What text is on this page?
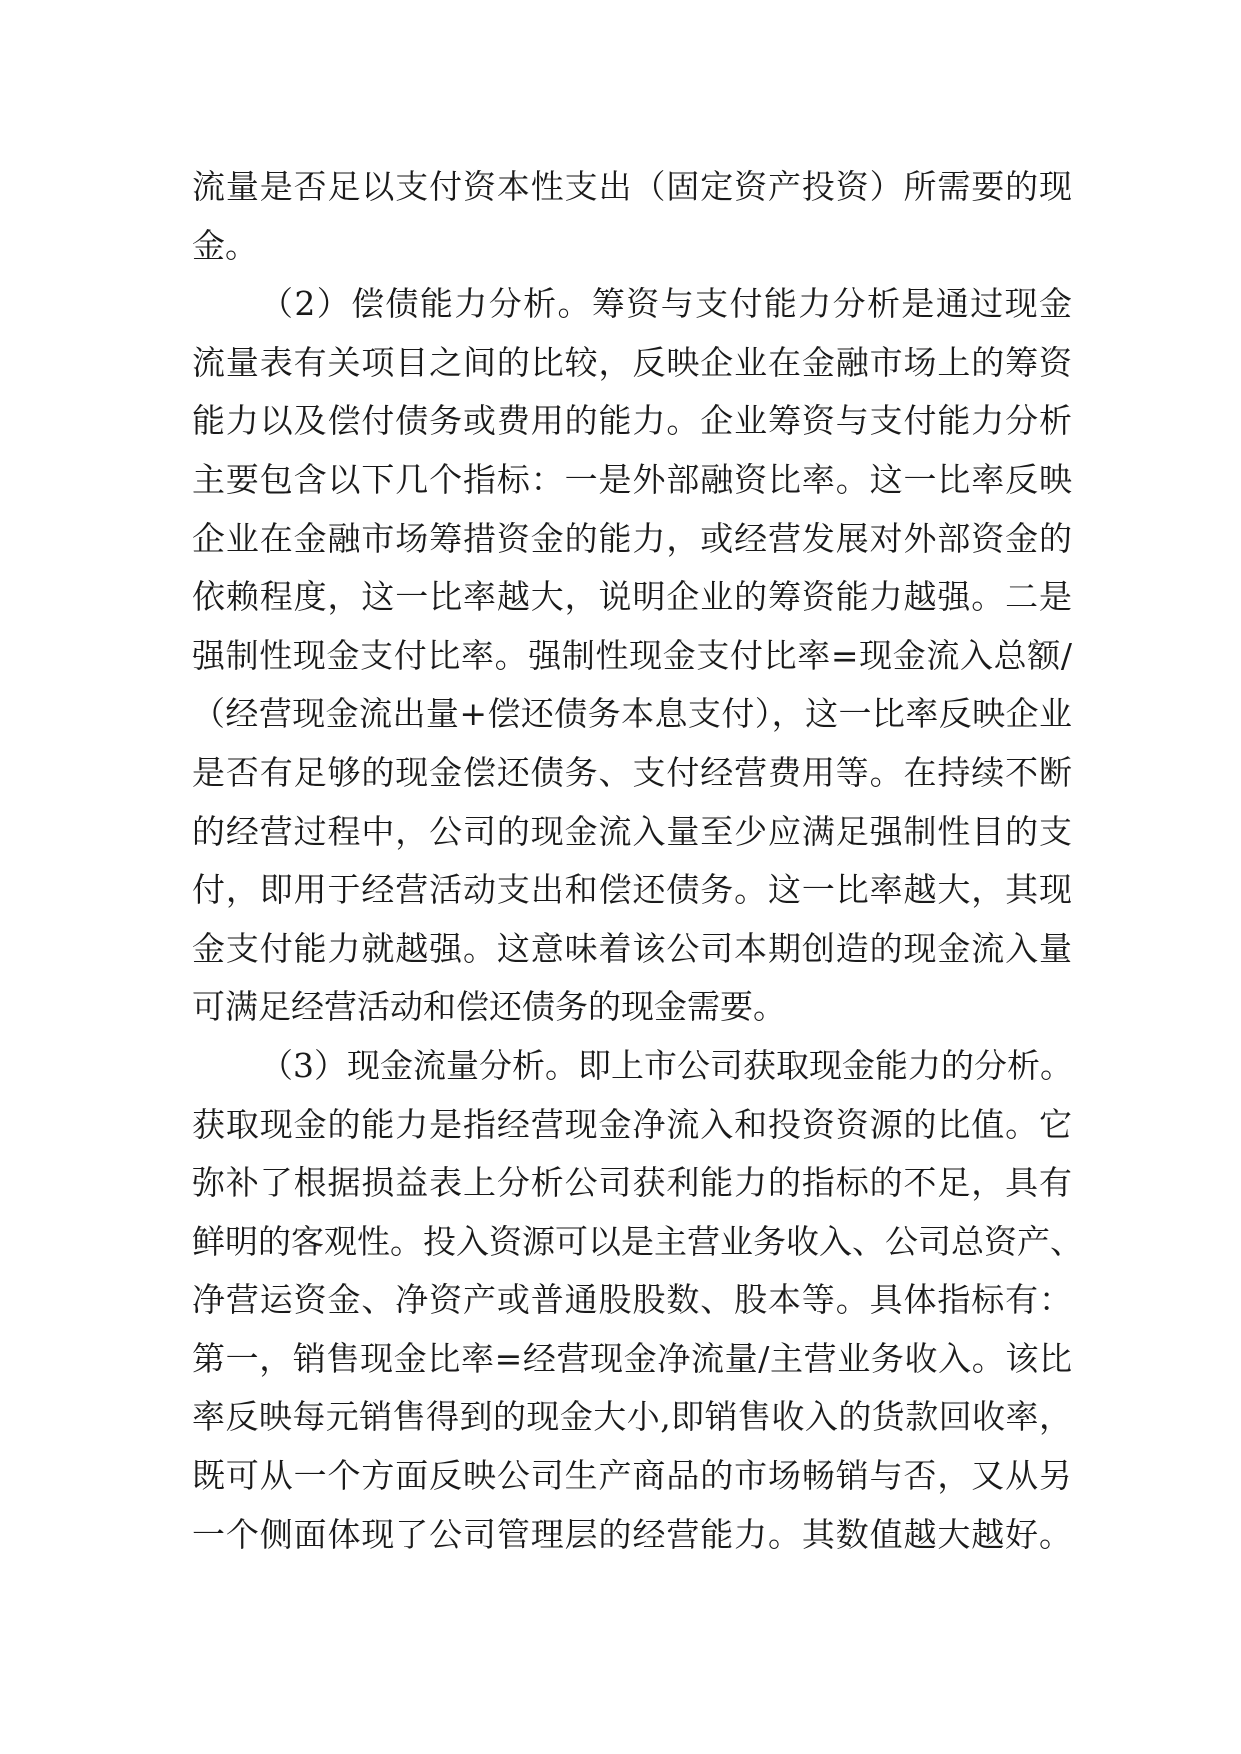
流量是否足以支付资本性支出（固定资产投资）所需要的现
金。
（2）偿债能力分析。筹资与支付能力分析是通过现金
流量表有关项目之间的比较，反映企业在金融市场上的筹资
能力以及偿付债务或费用的能力。企业筹资与支付能力分析
主要包含以下几个指标：一是外部融资比率。这一比率反映
企业在金融市场筹措资金的能力，或经营发展对外部资金的
依赖程度，这一比率越大，说明企业的筹资能力越强。二是
强制性现金支付比率。强制性现金支付比率=现金流入总额/
（经营现金流出量+偿还债务本息支付），这一比率反映企业
是否有足够的现金偿还债务、支付经营费用等。在持续不断
的经营过程中，公司的现金流入量至少应满足强制性目的支
付，即用于经营活动支出和偿还债务。这一比率越大，其现
金支付能力就越强。这意味着该公司本期创造的现金流入量
可满足经营活动和偿还债务的现金需要。
（3）现金流量分析。即上市公司获取现金能力的分析。
获取现金的能力是指经营现金净流入和投资资源的比值。它
弥补了根据损益表上分析公司获利能力的指标的不足，具有
鲜明的客观性。投入资源可以是主营业务收入、公司总资产、
净营运资金、净资产或普通股股数、股本等。具体指标有：
第一，销售现金比率=经营现金净流量/主营业务收入。该比
率反映每元销售得到的现金大小,即销售收入的货款回收率，
既可从一个方面反映公司生产商品的市场畅销与否，又从另
一个侧面体现了公司管理层的经营能力。其数值越大越好。
